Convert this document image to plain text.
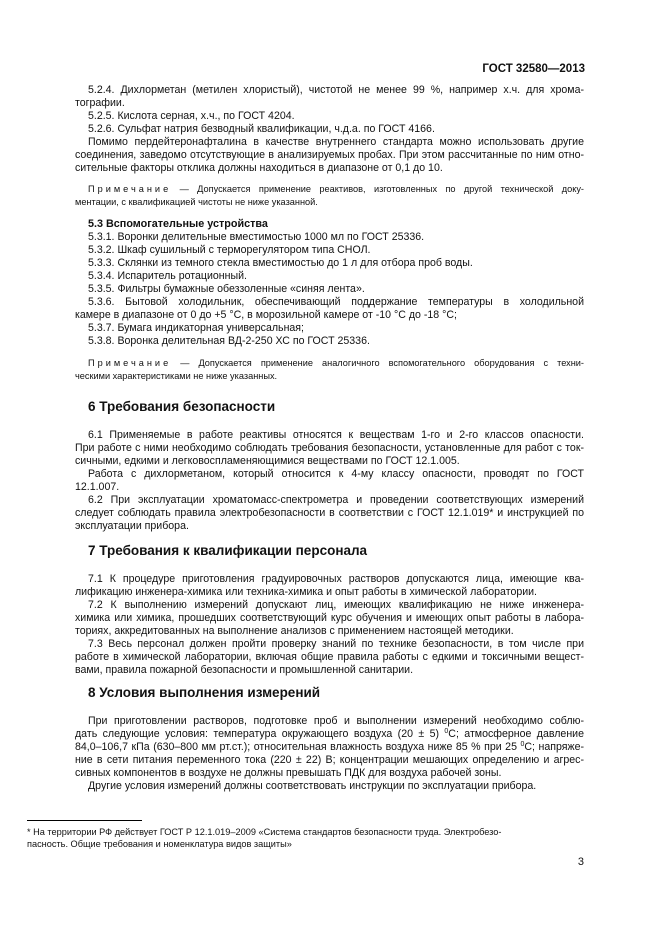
ГОСТ 32580—2013
5.2.4. Дихлорметан (метилен хлористый), чистотой не менее 99 %, например х.ч. для хрома-
тографии.
5.2.5. Кислота серная, х.ч., по ГОСТ 4204.
5.2.6. Сульфат натрия безводный квалификации, ч.д.а. по ГОСТ 4166.
Помимо пердейтеронафталина в качестве внутреннего стандарта можно использовать другие
соединения, заведомо отсутствующие в анализируемых пробах. При этом рассчитанные по ним отно-
сительные факторы отклика должны находиться в диапазоне от 0,1 до 10.
Примечание — Допускается применение реактивов, изготовленных по другой технической доку-
ментации, с квалификацией чистоты не ниже указанной.
5.3 Вспомогательные устройства
5.3.1. Воронки делительные вместимостью 1000 мл по ГОСТ 25336.
5.3.2. Шкаф сушильный с терморегулятором типа СНОЛ.
5.3.3. Склянки из темного стекла вместимостью до 1 л для отбора проб воды.
5.3.4. Испаритель ротационный.
5.3.5. Фильтры бумажные обеззоленные «синяя лента».
5.3.6. Бытовой холодильник, обеспечивающий поддержание температуры в холодильной
камере в диапазоне от 0 до +5 °С, в морозильной камере от -10 °С до -18 °С;
5.3.7. Бумага индикаторная универсальная;
5.3.8. Воронка делительная ВД-2-250 ХС по ГОСТ 25336.
Примечание — Допускается применение аналогичного вспомогательного оборудования с техни-
ческими характеристиками не ниже указанных.
6 Требования безопасности
6.1 Применяемые в работе реактивы относятся к веществам 1-го и 2-го классов опасности.
При работе с ними необходимо соблюдать требования безопасности, установленные для работ с ток-
сичными, едкими и легковоспламеняющимися веществами по ГОСТ 12.1.005.
Работа с дихлорметаном, который относится к 4-му классу опасности, проводят по ГОСТ
12.1.007.
6.2 При эксплуатации хроматомасс-спектрометра и проведении соответствующих измерений
следует соблюдать правила электробезопасности в соответствии с ГОСТ 12.1.019* и инструкцией по
эксплуатации прибора.
7 Требования к квалификации персонала
7.1 К процедуре приготовления градуировочных растворов допускаются лица, имеющие ква-
лификацию инженера-химика или техника-химика и опыт работы в химической лаборатории.
7.2 К выполнению измерений допускают лиц, имеющих квалификацию не ниже инженера-
химика или химика, прошедших соответствующий курс обучения и имеющих опыт работы в лабора-
ториях, аккредитованных на выполнение анализов с применением настоящей методики.
7.3 Весь персонал должен пройти проверку знаний по технике безопасности, в том числе при
работе в химической лаборатории, включая общие правила работы с едкими и токсичными вещест-
вами, правила пожарной безопасности и промышленной санитарии.
8 Условия выполнения измерений
При приготовлении растворов, подготовке проб и выполнении измерений необходимо соблю-
дать следующие условия: температура окружающего воздуха (20 ± 5) $^0$С; атмосферное давление
84,0–106,7 кПа (630–800 мм рт.ст.); относительная влажность воздуха ниже 85 % при 25 $^0$С; напряже-
ние в сети питания переменного тока (220 ± 22) В; концентрации мешающих определению и агрес-
сивных компонентов в воздухе не должны превышать ПДК для воздуха рабочей зоны.
Другие условия измерений должны соответствовать инструкции по эксплуатации прибора.
* На территории РФ действует ГОСТ Р 12.1.019–2009 «Система стандартов безопасности труда. Электробезо-
пасность. Общие требования и номенклатура видов защиты»
3
